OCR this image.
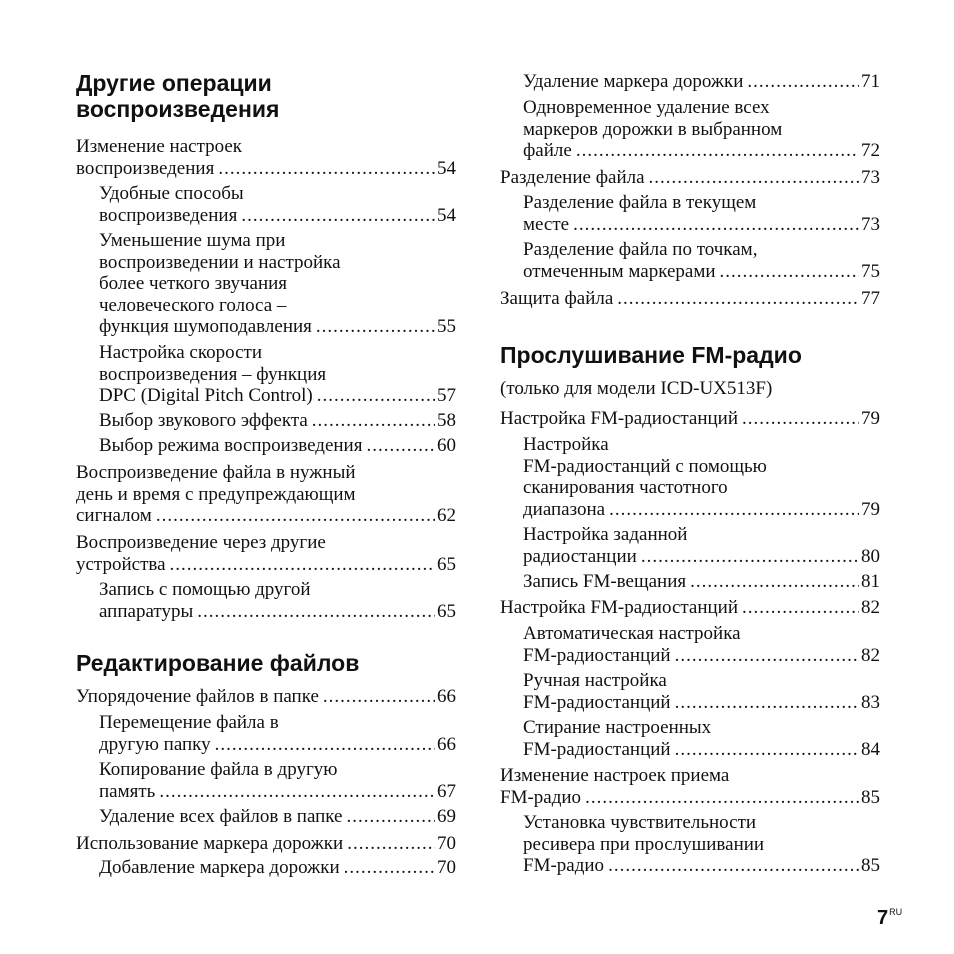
Другие операции
воспроизведения
Изменение настроек
воспроизведения .....	54
Удобные способы
воспроизведения .....	54
Уменьшение шума при
воспроизведении и настройка
более четкого звучания
человеческого голоса –
функция шумоподавления .....	55
Настройка скорости
воспроизведения – функция
DPC (Digital Pitch Control) .....	57
Выбор звукового эффекта .....	58
Выбор режима воспроизведения .....	60
Воспроизведение файла в нужный
день и время с предупреждающим
сигналом .....	62
Воспроизведение через другие
устройства .....	65
Запись с помощью другой
аппаратуры .....	65
Редактирование файлов
Упорядочение файлов в папке .....	66
Перемещение файла в
другую папку .....	66
Копирование файла в другую
память .....	67
Удаление всех файлов в папке .....	69
Использование маркера дорожки .....	70
Добавление маркера дорожки .....	70
Удаление маркера дорожки .....	71
Одновременное удаление всех
маркеров дорожки в выбранном
файле .....	72
Разделение файла .....	73
Разделение файла в текущем
месте .....	73
Разделение файла по точкам,
отмеченным маркерами .....	75
Защита файла .....	77
Прослушивание FM-радио
(только для модели ICD-UX513F)
Настройка FM-радиостанций .....	79
Настройка
FM-радиостанций с помощью
сканирования частотного
диапазона .....	79
Настройка заданной
радиостанции .....	80
Запись FM-вещания .....	81
Настройка FM-радиостанций .....	82
Автоматическая настройка
FM-радиостанций .....	82
Ручная настройка
FM-радиостанций .....	83
Стирание настроенных
FM-радиостанций .....	84
Изменение настроек приема
FM-радио .....	85
Установка чувствительности
ресивера при прослушивании
FM-радио .....	85
$7^{RU}$
